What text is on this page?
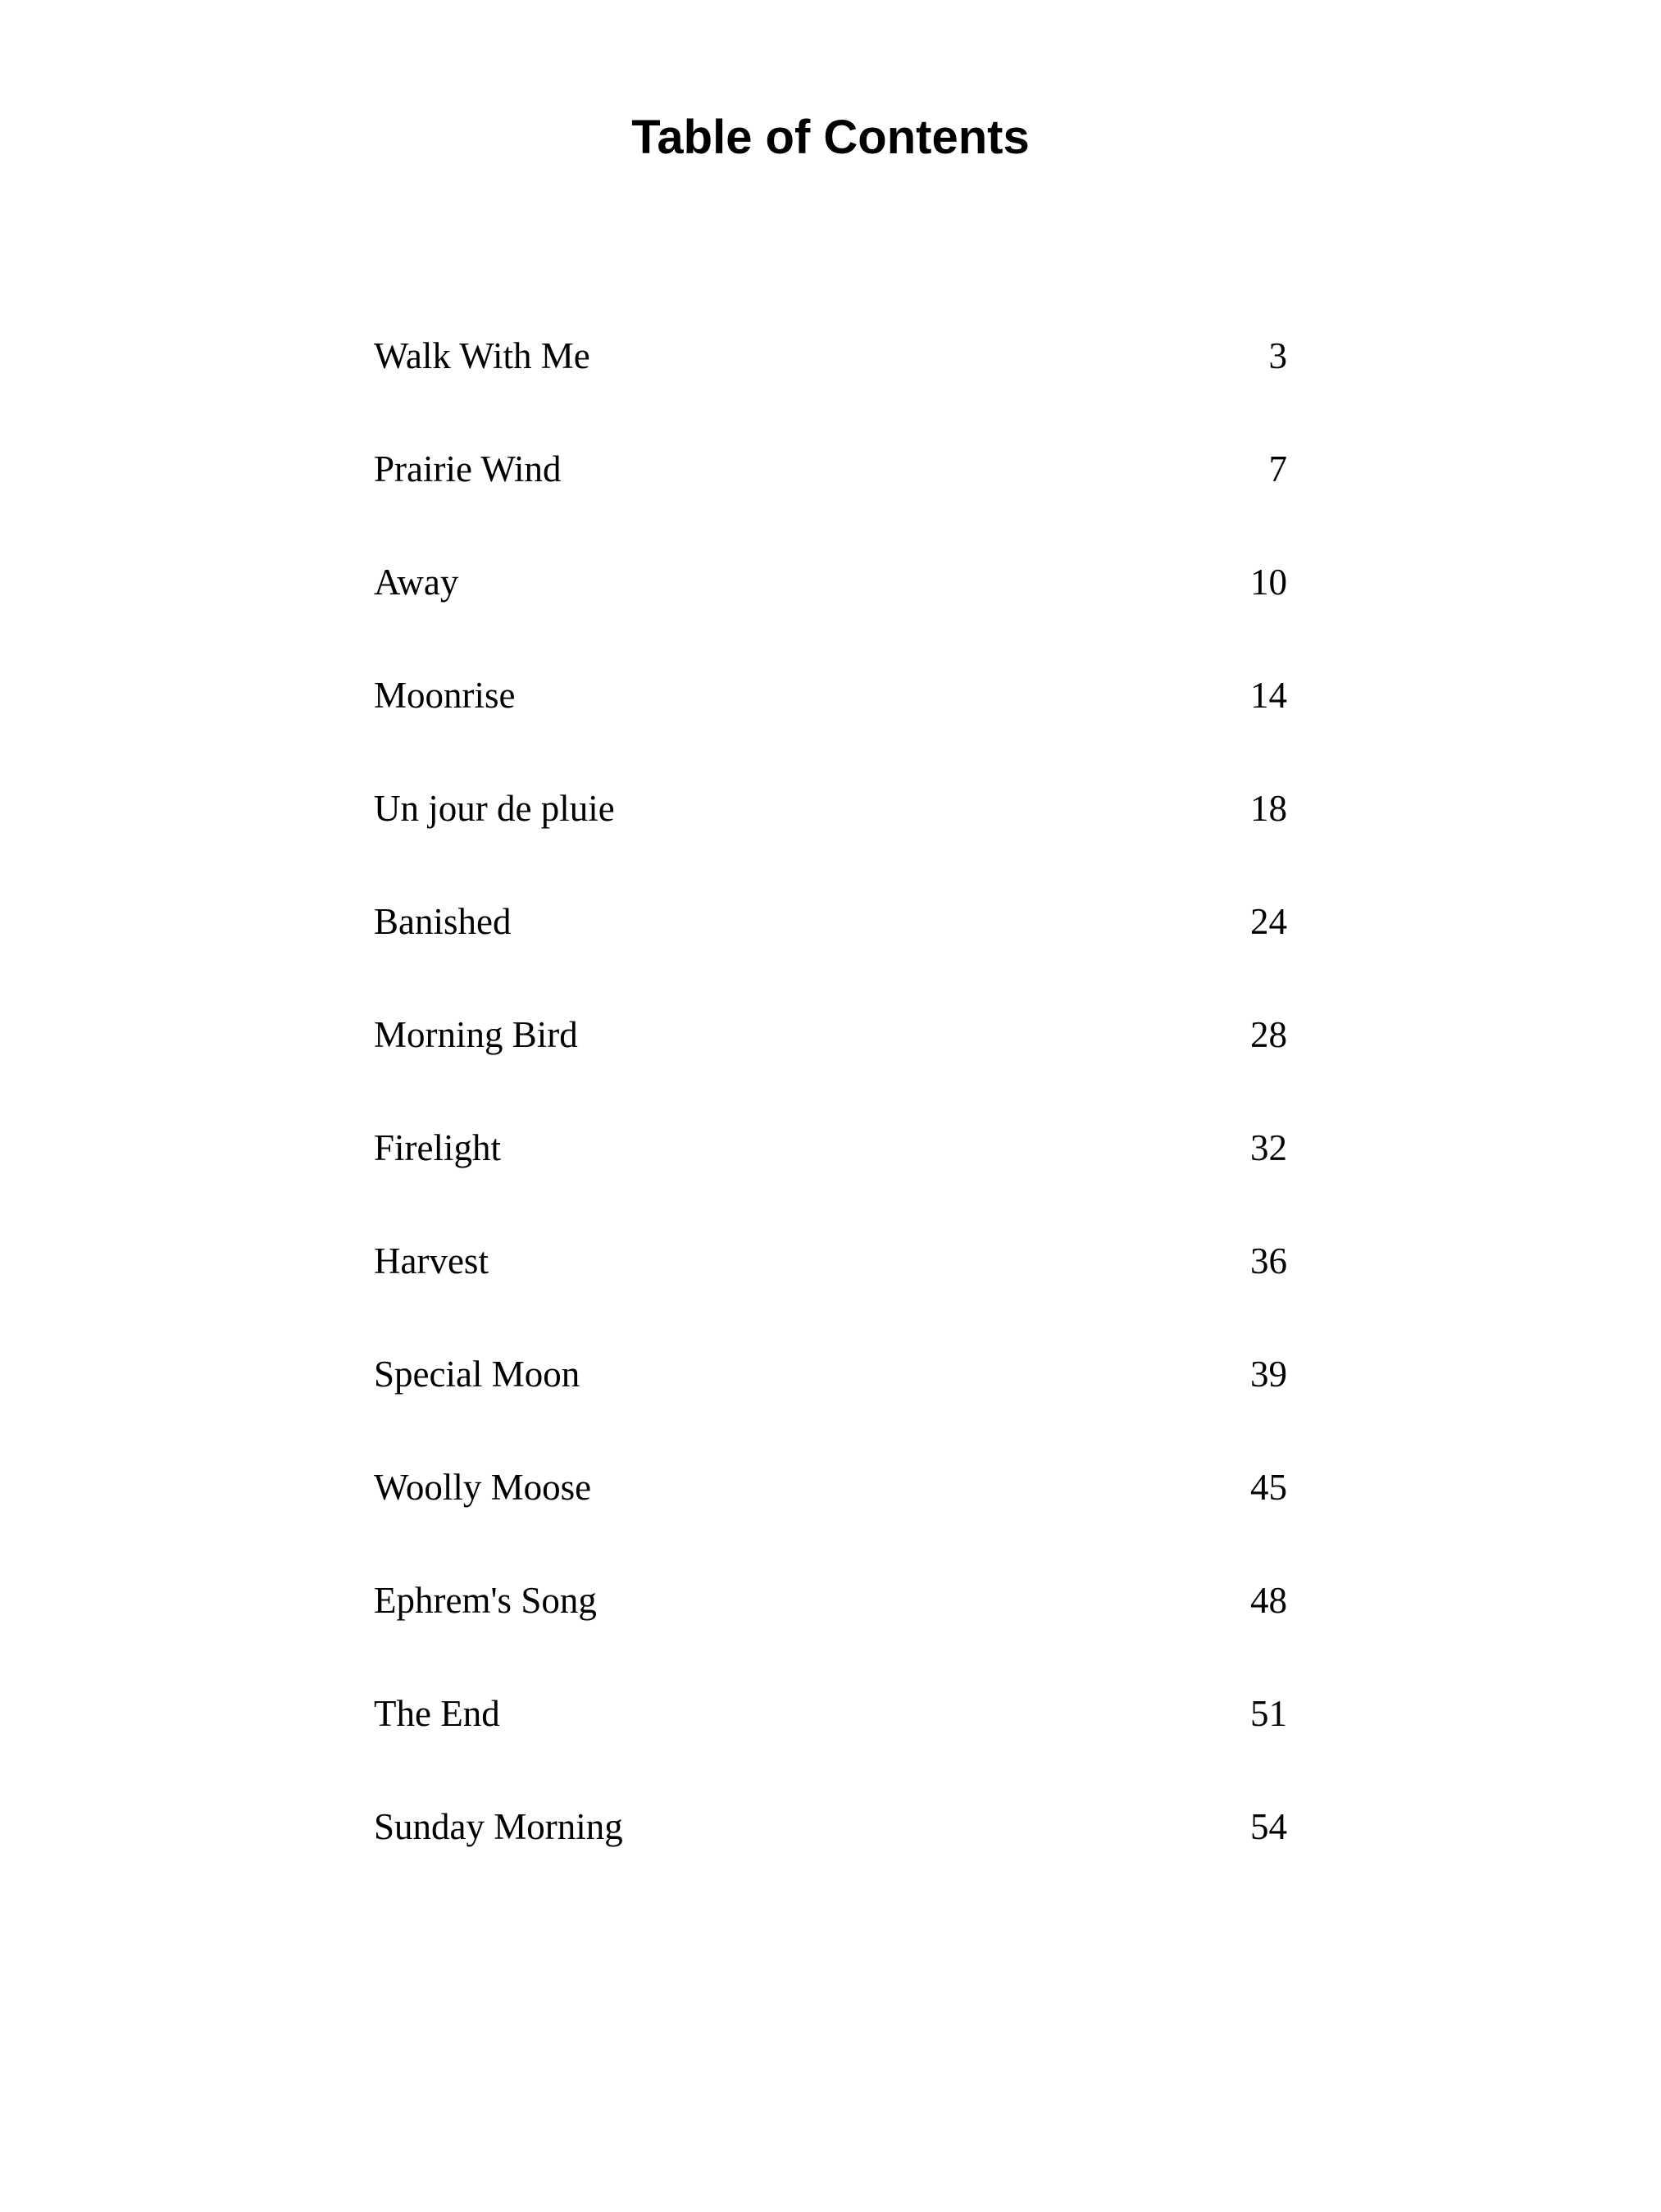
Table of Contents
Walk With Me	3
Prairie Wind	7
Away	10
Moonrise	14
Un jour de pluie	18
Banished	24
Morning Bird	28
Firelight	32
Harvest	36
Special Moon	39
Woolly Moose	45
Ephrem's Song	48
The End	51
Sunday Morning	54
